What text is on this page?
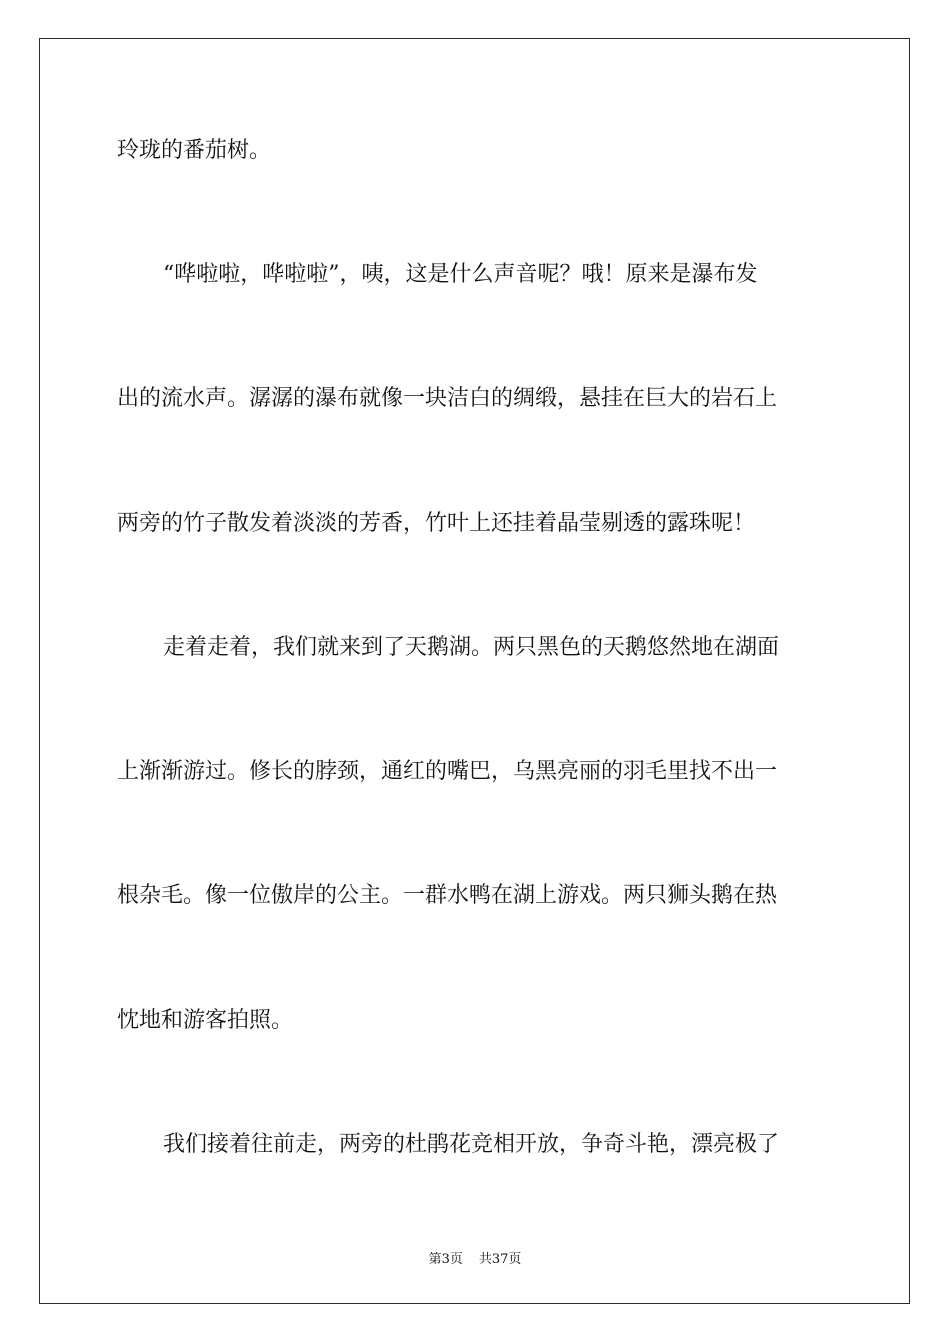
玲珑的番茄树。
“哗啦啦，哗啦啦”，咦，这是什么声音呢？哦！原来是瀑布发
出的流水声。潺潺的瀑布就像一块洁白的绸缎，悬挂在巨大的岩石上
两旁的竹子散发着淡淡的芳香，竹叶上还挂着晶莹剔透的露珠呢！
走着走着，我们就来到了天鹅湖。两只黑色的天鹅悠然地在湖面
上渐渐游过。修长的脖颈，通红的嘴巴，乌黑亮丽的羽毛里找不出一
根杂毛。像一位傲岸的公主。一群水鸭在湖上游戏。两只狮头鹅在热
忱地和游客拍照。
我们接着往前走，两旁的杜鹃花竞相开放，争奇斗艳，漂亮极了
第3页 共37页
